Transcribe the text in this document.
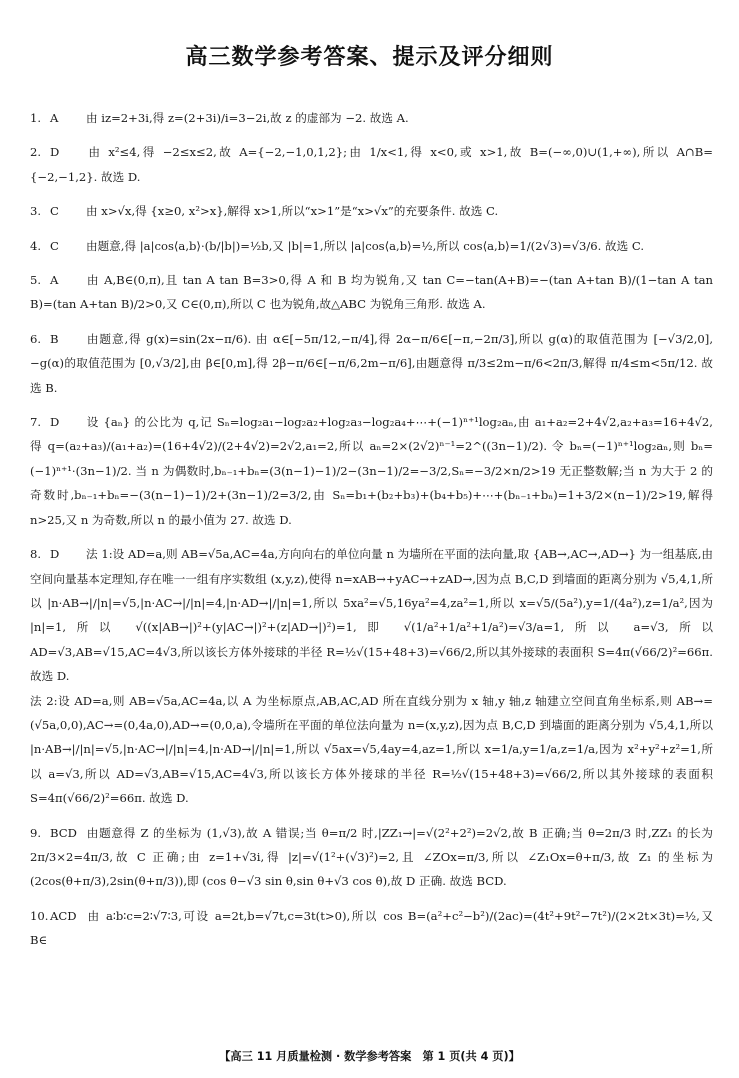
高三数学参考答案、提示及评分细则

1. A 由 iz=2+3i,得 z=(2+3i)/i=3−2i,故 z 的虚部为 −2. 故选 A.

2. D 由 x²≤4,得 −2≤x≤2,故 A={−2,−1,0,1,2};由 1/x<1,得 x<0,或 x>1,故 B=(−∞,0)∪(1,+∞),所以 A∩B={−2,−1,2}. 故选 D.

3. C 由 x>√x,得 {x≥0, x²>x},解得 x>1,所以“x>1”是“x>√x”的充要条件. 故选 C.

4. C 由题意,得 |a|cos⟨a,b⟩·(b/|b|)=½b,又 |b|=1,所以 |a|cos⟨a,b⟩=½,所以 cos⟨a,b⟩=1/(2√3)=√3/6. 故选 C.

5. A 由 A,B∈(0,π),且 tan A tan B=3>0,得 A 和 B 均为锐角,又 tan C=−tan(A+B)=−(tan A+tan B)/(1−tan A tan B)=(tan A+tan B)/2>0,又 C∈(0,π),所以 C 也为锐角,故△ABC 为锐角三角形. 故选 A.

6. B 由题意,得 g(x)=sin(2x−π/6). 由 α∈[−5π/12,−π/4],得 2α−π/6∈[−π,−2π/3],所以 g(α)的取值范围为 [−√3/2,0],−g(α)的取值范围为 [0,√3/2],由 β∈[0,m],得 2β−π/6∈[−π/6,2m−π/6],由题意得 π/3≤2m−π/6<2π/3,解得 π/4≤m<5π/12. 故选 B.

7. D 设 {aₙ} 的公比为 q,记 Sₙ=log₂a₁−log₂a₂+log₂a₃−log₂a₄+⋯+(−1)ⁿ⁺¹log₂aₙ,由 a₁+a₂=2+4√2,a₂+a₃=16+4√2,得 q=(a₂+a₃)/(a₁+a₂)=(16+4√2)/(2+4√2)=2√2,a₁=2,所以 aₙ=2×(2√2)ⁿ⁻¹=2^((3n−1)/2). 令 bₙ=(−1)ⁿ⁺¹log₂aₙ,则 bₙ=(−1)ⁿ⁺¹·(3n−1)/2. 当 n 为偶数时,bₙ₋₁+bₙ=(3(n−1)−1)/2−(3n−1)/2=−3/2,Sₙ=−3/2×n/2>19 无正整数解;当 n 为大于 2 的奇数时,bₙ₋₁+bₙ=−(3(n−1)−1)/2+(3n−1)/2=3/2,由 Sₙ=b₁+(b₂+b₃)+(b₄+b₅)+⋯+(bₙ₋₁+bₙ)=1+3/2×(n−1)/2>19,解得 n>25,又 n 为奇数,所以 n 的最小值为 27. 故选 D.

8. D 法 1:设 AD=a,则 AB=√5a,AC=4a,方向向右的单位向量 n 为墙所在平面的法向量,取 {AB→,AC→,AD→} 为一组基底,由空间向量基本定理知,存在唯一一组有序实数组 (x,y,z),使得 n=xAB→+yAC→+zAD→,因为点 B,C,D 到墙面的距离分别为 √5,4,1,所以 |n·AB→|/|n|=√5,|n·AC→|/|n|=4,|n·AD→|/|n|=1,所以 5xa²=√5,16ya²=4,za²=1,所以 x=√5/(5a²),y=1/(4a²),z=1/a²,因为 |n|=1,所以 √((x|AB→|)²+(y|AC→|)²+(z|AD→|)²)=1,即 √(1/a²+1/a²+1/a²)=√3/a=1,所以 a=√3,所以 AD=√3,AB=√15,AC=4√3,所以该长方体外接球的半径 R=½√(15+48+3)=√66/2,所以其外接球的表面积 S=4π(√66/2)²=66π. 故选 D.

法 2:设 AD=a,则 AB=√5a,AC=4a,以 A 为坐标原点,AB,AC,AD 所在直线分别为 x 轴,y 轴,z 轴建立空间直角坐标系,则 AB→=(√5a,0,0),AC→=(0,4a,0),AD→=(0,0,a),令墙所在平面的单位法向量为 n=(x,y,z),因为点 B,C,D 到墙面的距离分别为 √5,4,1,所以 |n·AB→|/|n|=√5,|n·AC→|/|n|=4,|n·AD→|/|n|=1,所以 √5ax=√5,4ay=4,az=1,所以 x=1/a,y=1/a,z=1/a,因为 x²+y²+z²=1,所以 a=√3,所以 AD=√3,AB=√15,AC=4√3,所以该长方体外接球的半径 R=½√(15+48+3)=√66/2,所以其外接球的表面积 S=4π(√66/2)²=66π. 故选 D.

9. BCD 由题意得 Z 的坐标为 (1,√3),故 A 错误;当 θ=π/2 时,|ZZ₁→|=√(2²+2²)=2√2,故 B 正确;当 θ=2π/3 时,ZZ₁ 的长为 2π/3×2=4π/3,故 C 正确;由 z=1+√3i,得 |z|=√(1²+(√3)²)=2,且 ∠ZOx=π/3,所以 ∠Z₁Ox=θ+π/3,故 Z₁ 的坐标为 (2cos(θ+π/3),2sin(θ+π/3)),即 (cos θ−√3 sin θ,sin θ+√3 cos θ),故 D 正确. 故选 BCD.

10. ACD 由 a∶b∶c=2∶√7∶3,可设 a=2t,b=√7t,c=3t(t>0),所以 cos B=(a²+c²−b²)/(2ac)=(4t²+9t²−7t²)/(2×2t×3t)=½,又 B∈

【高三 11 月质量检测 · 数学参考答案　第 1 页(共 4 页)】
